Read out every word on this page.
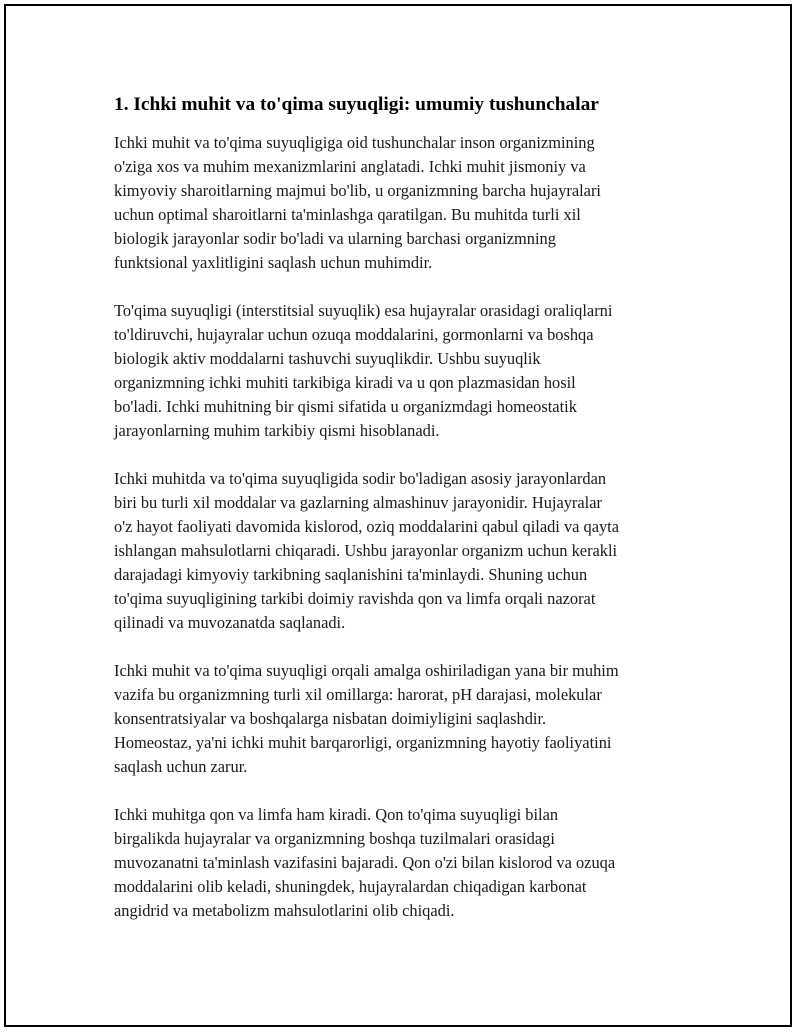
1. Ichki muhit va to'qima suyuqligi: umumiy tushunchalar

Ichki muhit va to'qima suyuqligiga oid tushunchalar inson organizmining
o'ziga xos va muhim mexanizmlarini anglatadi. Ichki muhit jismoniy va
kimyoviy sharoitlarning majmui bo'lib, u organizmning barcha hujayralari
uchun optimal sharoitlarni ta'minlashga qaratilgan. Bu muhitda turli xil
biologik jarayonlar sodir bo'ladi va ularning barchasi organizmning
funktsional yaxlitligini saqlash uchun muhimdir.

To'qima suyuqligi (interstitsial suyuqlik) esa hujayralar orasidagi oraliqlarni
to'ldiruvchi, hujayralar uchun ozuqa moddalarini, gormonlarni va boshqa
biologik aktiv moddalarni tashuvchi suyuqlikdir. Ushbu suyuqlik
organizmning ichki muhiti tarkibiga kiradi va u qon plazmasidan hosil
bo'ladi. Ichki muhitning bir qismi sifatida u organizmdagi homeostatik
jarayonlarning muhim tarkibiy qismi hisoblanadi.

Ichki muhitda va to'qima suyuqligida sodir bo'ladigan asosiy jarayonlardan
biri bu turli xil moddalar va gazlarning almashinuv jarayonidir. Hujayralar
o'z hayot faoliyati davomida kislorod, oziq moddalarini qabul qiladi va qayta
ishlangan mahsulotlarni chiqaradi. Ushbu jarayonlar organizm uchun kerakli
darajadagi kimyoviy tarkibning saqlanishini ta'minlaydi. Shuning uchun
to'qima suyuqligining tarkibi doimiy ravishda qon va limfa orqali nazorat
qilinadi va muvozanatda saqlanadi.

Ichki muhit va to'qima suyuqligi orqali amalga oshiriladigan yana bir muhim
vazifa bu organizmning turli xil omillarga: harorat, pH darajasi, molekular
konsentratsiyalar va boshqalarga nisbatan doimiyligini saqlashdir.
Homeostaz, ya'ni ichki muhit barqarorligi, organizmning hayotiy faoliyatini
saqlash uchun zarur.

Ichki muhitga qon va limfa ham kiradi. Qon to'qima suyuqligi bilan
birgalikda hujayralar va organizmning boshqa tuzilmalari orasidagi
muvozanatni ta'minlash vazifasini bajaradi. Qon o'zi bilan kislorod va ozuqa
moddalarini olib keladi, shuningdek, hujayralardan chiqadigan karbonat
angidrid va metabolizm mahsulotlarini olib chiqadi.
